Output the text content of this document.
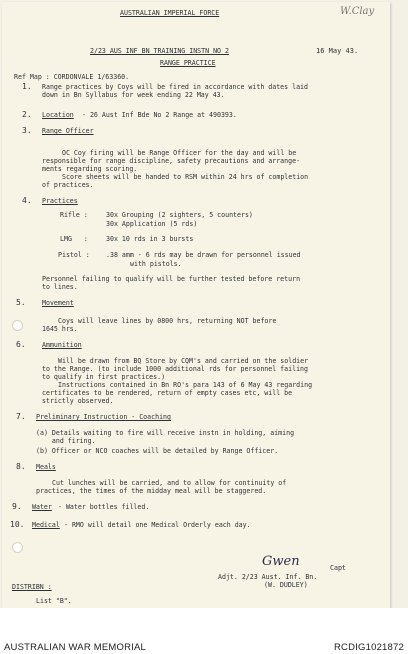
W.Clay
AUSTRALIAN IMPERIAL FORCE
2/23 AUS INF BN TRAINING INSTN NO 2	16 May 43.
RANGE PRACTICE
Ref Map : CORDONVALE 1/63360.
1. Range practices by Coys will be fired in accordance with dates laid
down in Bn Syllabus for week ending 22 May 43.
2. Location - 26 Aust Inf Bde No 2 Range at 490393.
3. Range Officer
OC Coy firing will be Range Officer for the day and will be
responsible for range discipline, safety precautions and arrange-
ments regarding scoring.
Score sheets will be handed to RSM within 24 hrs of completion
of practices.
4. Practices
Rifle :	30x Grouping (2 sighters, 5 counters)
30x Application (5 rds)
LMG   :	30x 10 rds in 3 bursts
Pistol : .38 amm - 6 rds may be drawn for personnel issued
with pistols.
Personnel failing to qualify will be further tested before return
to lines.
5. Movement
Coys will leave lines by 0800 hrs, returning NOT before
1645 hrs.
6. Ammunition
Will be drawn from BQ Store by CQM's and carried on the soldier
to the Range. (to include 1000 additional rds for personnel failing
to qualify in first practices.)
Instructions contained in Bn RO's para 143 of 6 May 43 regarding
certificates to be rendered, return of empty cases etc, will be
strictly observed.
7. Preliminary Instruction - Coaching
(a) Details waiting to fire will receive instn in holding, aiming
and firing.
(b) Officer or NCO coaches will be detailed by Range Officer.
8. Meals
Cut lunches will be carried, and to allow for continuity of
practices, the times of the midday meal will be staggered.
9. Water - Water bottles filled.
10. Medical - RMO will detail one Medical Orderly each day.
Gwen	Capt
Adjt. 2/23 Aust. Inf. Bn.
(W. DUDLEY)
DISTRIBN :
List "B".
AUSTRALIAN WAR MEMORIAL	RCDIG1021872
